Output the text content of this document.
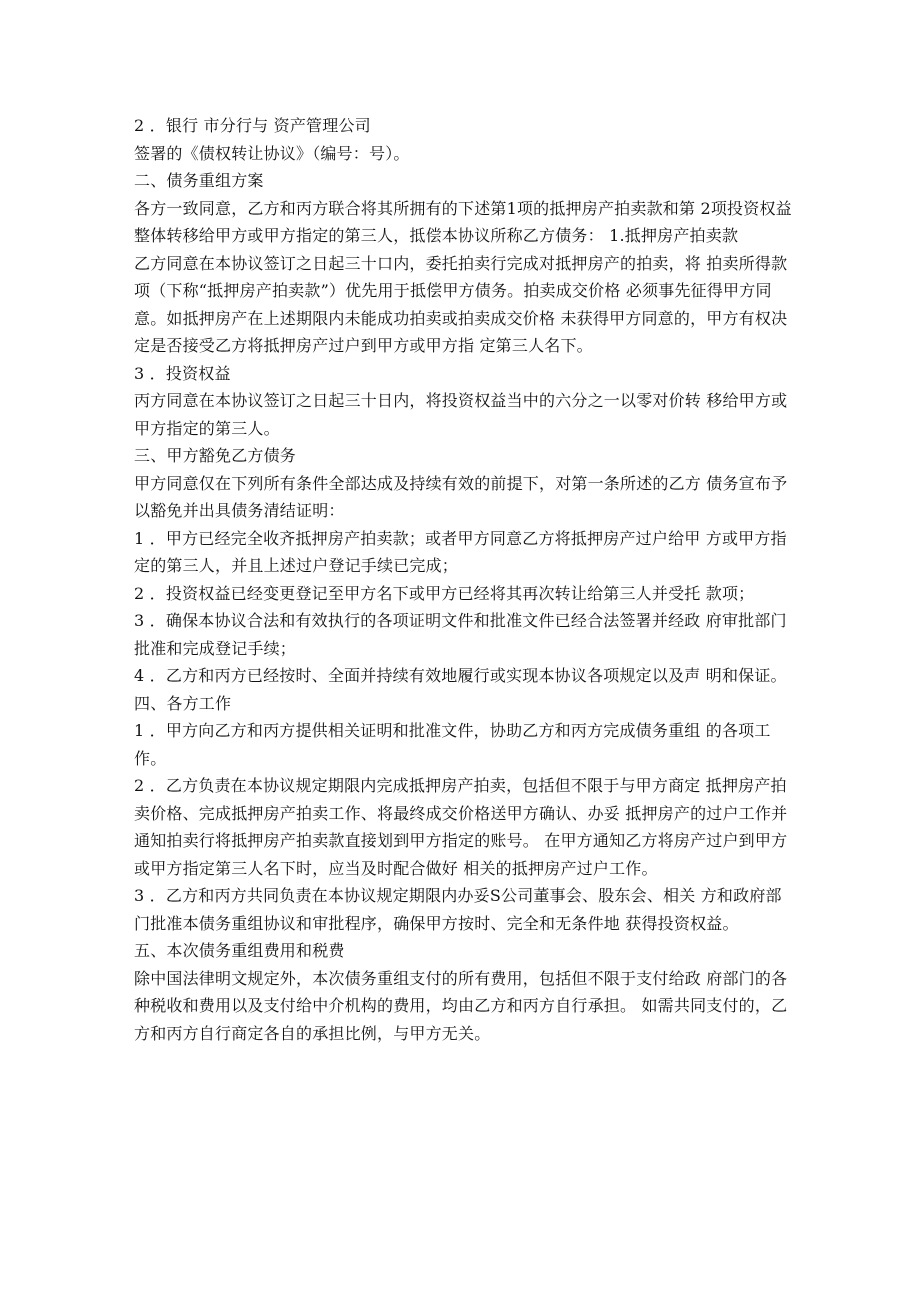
2 ．银行 市分行与 资产管理公司

签署的《债权转让协议》（编号：号）。

二、债务重组方案

各方一致同意，乙方和丙方联合将其所拥有的下述第1项的抵押房产拍卖款和第 2项投资权益整体转移给甲方或甲方指定的第三人，抵偿本协议所称乙方债务： 1.抵押房产拍卖款

乙方同意在本协议签订之日起三十口内，委托拍卖行完成对抵押房产的拍卖，将 拍卖所得款项（下称“抵押房产拍卖款”）优先用于抵偿甲方债务。拍卖成交价格 必须事先征得甲方同意。如抵押房产在上述期限内未能成功拍卖或拍卖成交价格 未获得甲方同意的，甲方有权决定是否接受乙方将抵押房产过户到甲方或甲方指 定第三人名下。

3 ．投资权益

丙方同意在本协议签订之日起三十日内，将投资权益当中的六分之一以零对价转 移给甲方或甲方指定的第三人。

三、甲方豁免乙方债务

甲方同意仅在下列所有条件全部达成及持续有效的前提下，对第一条所述的乙方 债务宣布予以豁免并出具债务清结证明：

1 ．甲方已经完全收齐抵押房产拍卖款；或者甲方同意乙方将抵押房产过户给甲 方或甲方指定的第三人，并且上述过户登记手续已完成；

2 ．投资权益已经变更登记至甲方名下或甲方已经将其再次转让给第三人并受托 款项；

3 ．确保本协议合法和有效执行的各项证明文件和批准文件已经合法签署并经政 府审批部门批准和完成登记手续；

4 ．乙方和丙方已经按时、全面并持续有效地履行或实现本协议各项规定以及声 明和保证。

四、各方工作

1 ．甲方向乙方和丙方提供相关证明和批准文件，协助乙方和丙方完成债务重组 的各项工作。

2 ．乙方负责在本协议规定期限内完成抵押房产拍卖，包括但不限于与甲方商定 抵押房产拍卖价格、完成抵押房产拍卖工作、将最终成交价格送甲方确认、办妥 抵押房产的过户工作并通知拍卖行将抵押房产拍卖款直接划到甲方指定的账号。 在甲方通知乙方将房产过户到甲方或甲方指定第三人名下时，应当及时配合做好 相关的抵押房产过户工作。

3 ．乙方和丙方共同负责在本协议规定期限内办妥S公司董事会、股东会、相关 方和政府部门批准本债务重组协议和审批程序，确保甲方按时、完全和无条件地 获得投资权益。

五、本次债务重组费用和税费

除中国法律明文规定外，本次债务重组支付的所有费用，包括但不限于支付给政 府部门的各种税收和费用以及支付给中介机构的费用，均由乙方和丙方自行承担。 如需共同支付的，乙方和丙方自行商定各自的承担比例，与甲方无关。
